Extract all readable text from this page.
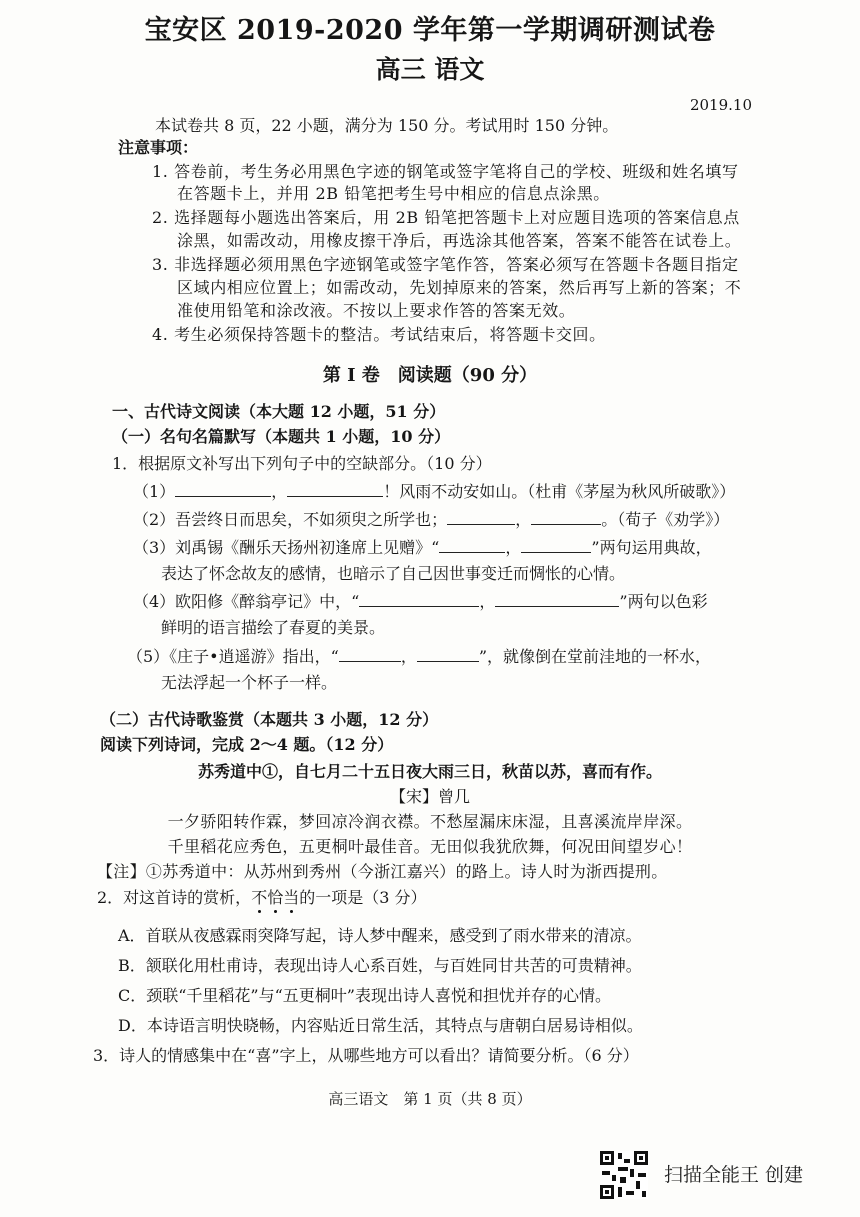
宝安区 2019-2020 学年第一学期调研测试卷
高三 语文
2019.10
本试卷共 8 页，22 小题，满分为 150 分。考试用时 150 分钟。
注意事项：
1. 答卷前，考生务必用黑色字迹的钢笔或签字笔将自己的学校、班级和姓名填写
在答题卡上，并用 2B 铅笔把考生号中相应的信息点涂黑。
2. 选择题每小题选出答案后，用 2B 铅笔把答题卡上对应题目选项的答案信息点
涂黑，如需改动，用橡皮擦干净后，再选涂其他答案，答案不能答在试卷上。
3. 非选择题必须用黑色字迹钢笔或签字笔作答，答案必须写在答题卡各题目指定
区域内相应位置上；如需改动，先划掉原来的答案，然后再写上新的答案；不
准使用铅笔和涂改液。不按以上要求作答的答案无效。
4. 考生必须保持答题卡的整洁。考试结束后，将答题卡交回。
第 I 卷　阅读题（90 分）
一、古代诗文阅读（本大题 12 小题，51 分）
（一）名句名篇默写（本题共 1 小题，10 分）
1．根据原文补写出下列句子中的空缺部分。（10 分）
（1）	，	！风雨不动安如山。（杜甫《茅屋为秋风所破歌》）
（2）吾尝终日而思矣，不如须臾之所学也；	，	。（荀子《劝学》）
（3）刘禹锡《酬乐天扬州初逢席上见赠》“	，	”两句运用典故，
表达了怀念故友的感情，也暗示了自己因世事变迁而惆怅的心情。
（4）欧阳修《醉翁亭记》中，“	，	”两句以色彩
鲜明的语言描绘了春夏的美景。
（5）《庄子•逍遥游》指出，“	，	”，就像倒在堂前洼地的一杯水，
无法浮起一个杯子一样。
（二）古代诗歌鉴赏（本题共 3 小题，12 分）
阅读下列诗词，完成 2～4 题。（12 分）
苏秀道中①，自七月二十五日夜大雨三日，秋苗以苏，喜而有作。
【宋】曾几
一夕骄阳转作霖，梦回凉冷润衣襟。不愁屋漏床床湿，且喜溪流岸岸深。
千里稻花应秀色，五更桐叶最佳音。无田似我犹欣舞，何况田间望岁心！
【注】①苏秀道中：从苏州到秀州（今浙江嘉兴）的路上。诗人时为浙西提刑。
2．对这首诗的赏析，不恰当的一项是（3 分）
A．首联从夜感霖雨突降写起，诗人梦中醒来，感受到了雨水带来的清凉。
B．颔联化用杜甫诗，表现出诗人心系百姓，与百姓同甘共苦的可贵精神。
C．颈联“千里稻花”与“五更桐叶”表现出诗人喜悦和担忧并存的心情。
D．本诗语言明快晓畅，内容贴近日常生活，其特点与唐朝白居易诗相似。
3．诗人的情感集中在“喜”字上，从哪些地方可以看出？请简要分析。（6 分）
高三语文　第 1 页（共 8 页）
扫描全能王 创建
